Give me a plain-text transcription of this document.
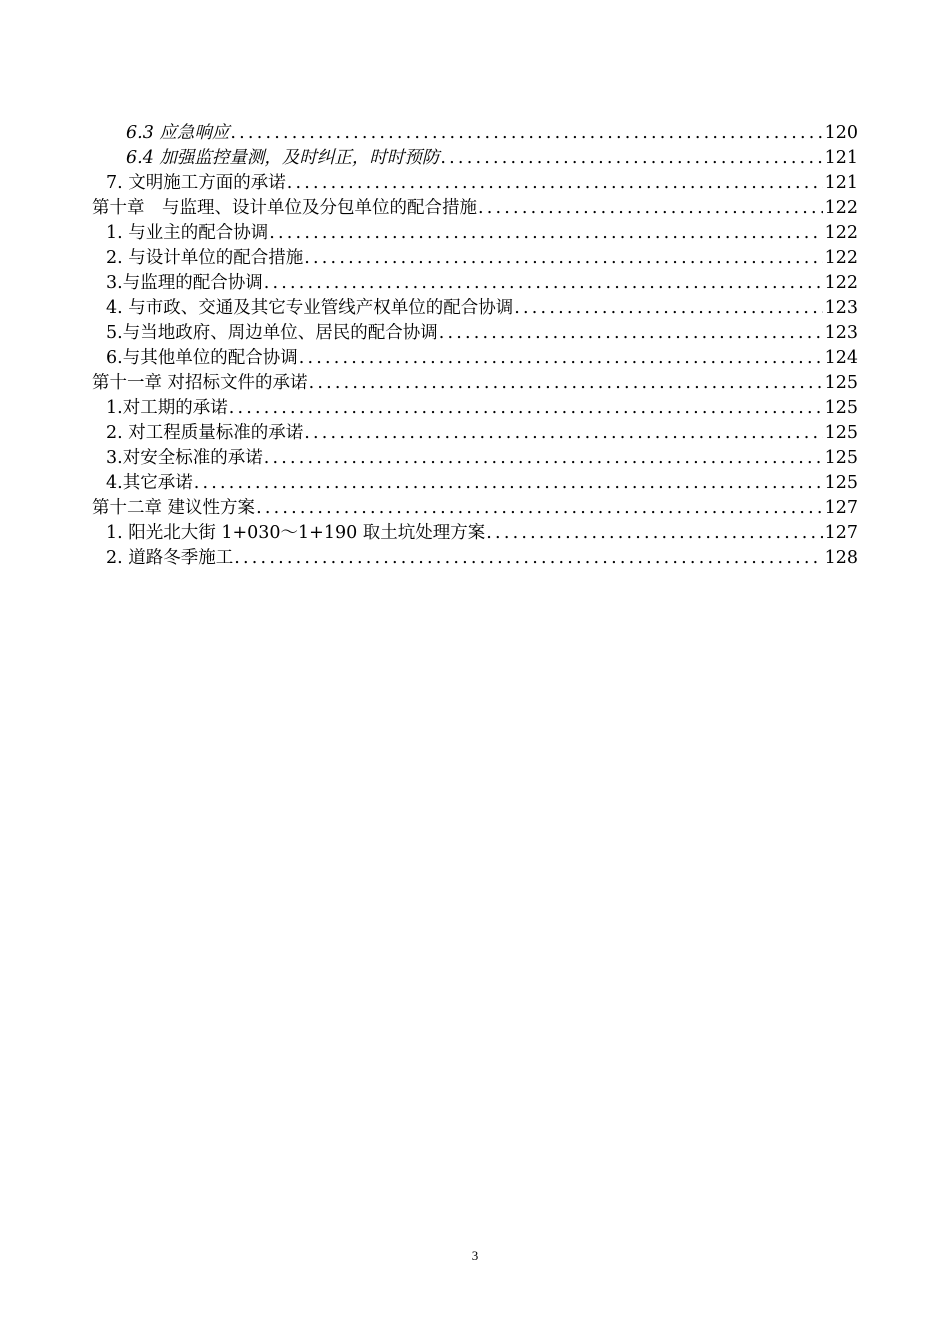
6.3 应急响应 .....	120
6.4 加强监控量测，及时纠正，时时预防 .....	121
7. 文明施工方面的承诺 .....	121
第十章　与监理、设计单位及分包单位的配合措施 .....	122
1. 与业主的配合协调 .....	122
2. 与设计单位的配合措施 .....	122
3.与监理的配合协调 .....	122
4. 与市政、交通及其它专业管线产权单位的配合协调 .....	123
5.与当地政府、周边单位、居民的配合协调 .....	123
6.与其他单位的配合协调 .....	124
第十一章 对招标文件的承诺 .....	125
1.对工期的承诺 .....	125
2. 对工程质量标准的承诺 .....	125
3.对安全标准的承诺 .....	125
4.其它承诺 .....	125
第十二章 建议性方案 .....	127
1. 阳光北大街 1+030～1+190 取土坑处理方案 .....	127
2. 道路冬季施工 .....	128
3
